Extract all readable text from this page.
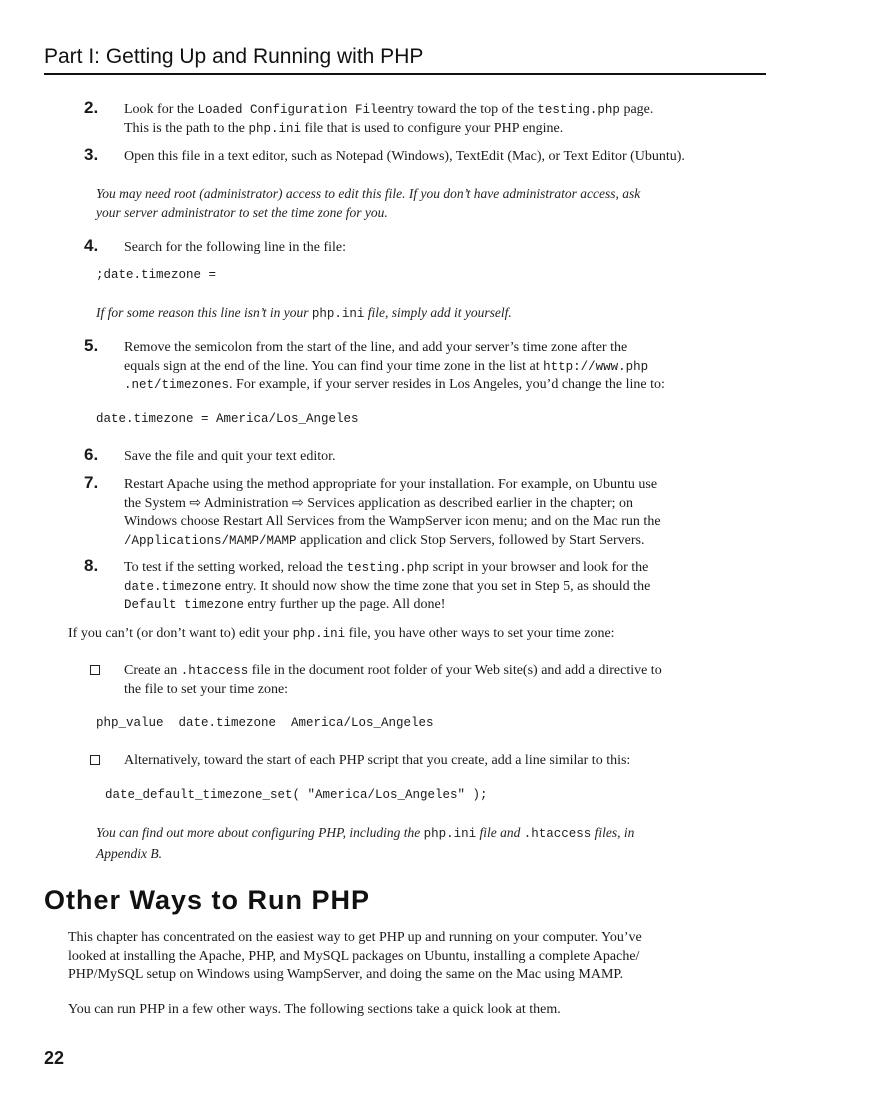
Part I: Getting Up and Running with PHP
2. Look for the Loaded Configuration Fileentry toward the top of the testing.php page.
This is the path to the php.ini file that is used to configure your PHP engine.
3. Open this file in a text editor, such as Notepad (Windows), TextEdit (Mac), or Text Editor (Ubuntu).
You may need root (administrator) access to edit this file. If you don’t have administrator access, ask
your server administrator to set the time zone for you.
4. Search for the following line in the file:
;date.timezone =
If for some reason this line isn’t in your php.ini file, simply add it yourself.
5. Remove the semicolon from the start of the line, and add your server’s time zone after the
equals sign at the end of the line. You can find your time zone in the list at http://www.php
.net/timezones. For example, if your server resides in Los Angeles, you’d change the line to:
date.timezone = America/Los_Angeles
6. Save the file and quit your text editor.
7. Restart Apache using the method appropriate for your installation. For example, on Ubuntu use
the System ⇨ Administration ⇨ Services application as described earlier in the chapter; on
Windows choose Restart All Services from the WampServer icon menu; and on the Mac run the
/Applications/MAMP/MAMP application and click Stop Servers, followed by Start Servers.
8. To test if the setting worked, reload the testing.php script in your browser and look for the
date.timezone entry. It should now show the time zone that you set in Step 5, as should the
Default timezone entry further up the page. All done!
If you can’t (or don’t want to) edit your php.ini file, you have other ways to set your time zone:
Create an .htaccess file in the document root folder of your Web site(s) and add a directive to
the file to set your time zone:
php_value  date.timezone  America/Los_Angeles
Alternatively, toward the start of each PHP script that you create, add a line similar to this:
date_default_timezone_set( "America/Los_Angeles" );
You can find out more about configuring PHP, including the php.ini file and .htaccess files, in
Appendix B.
Other Ways to Run PHP
This chapter has concentrated on the easiest way to get PHP up and running on your computer. You’ve
looked at installing the Apache, PHP, and MySQL packages on Ubuntu, installing a complete Apache/
PHP/MySQL setup on Windows using WampServer, and doing the same on the Mac using MAMP.
You can run PHP in a few other ways. The following sections take a quick look at them.
22
